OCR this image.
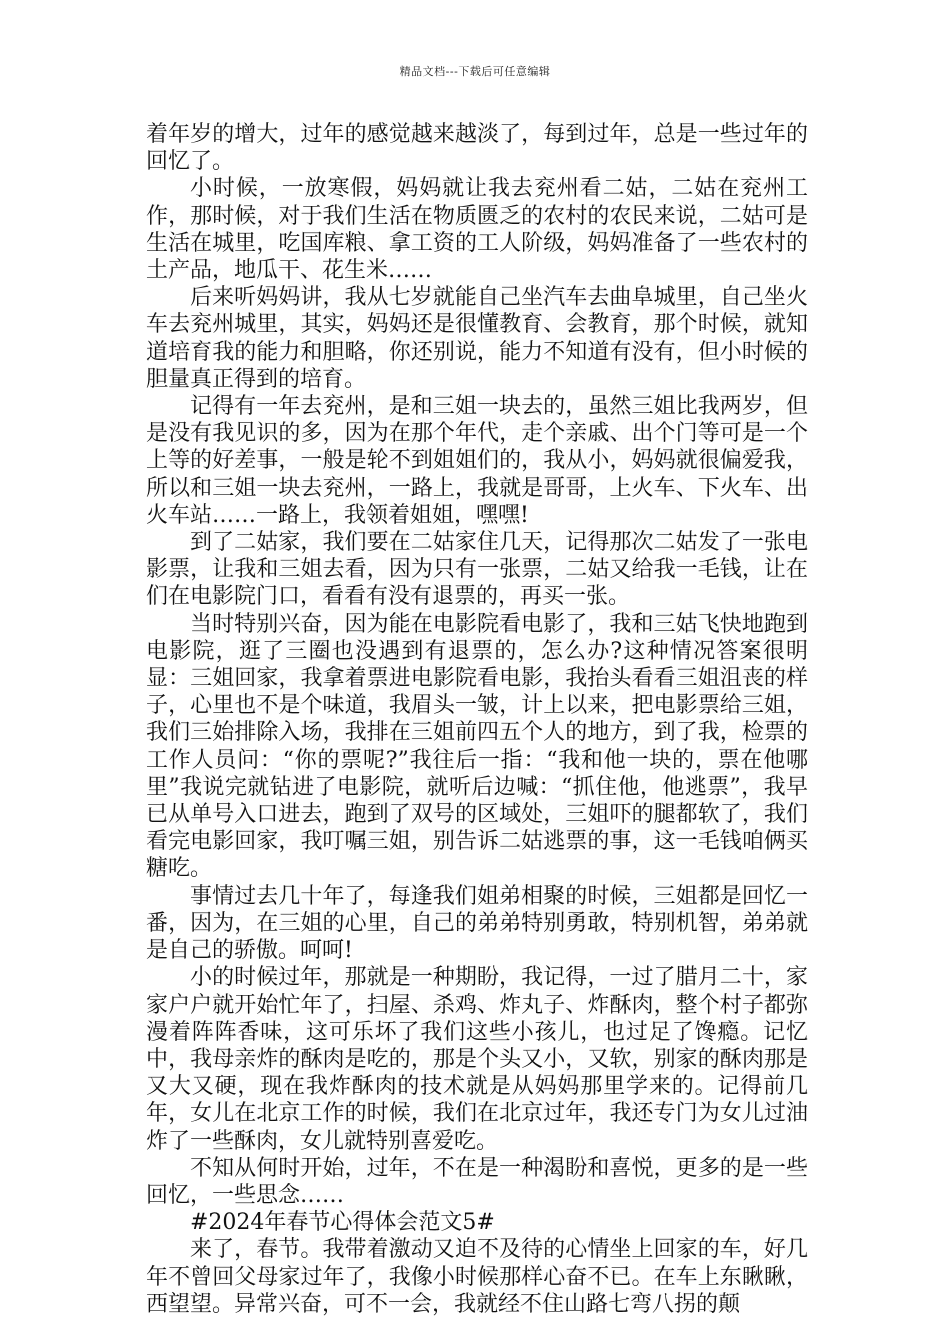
精品文档---下载后可任意编辑

着年岁的增大，过年的感觉越来越淡了，每到过年，总是一些过年的回忆了。

小时候，一放寒假，妈妈就让我去兖州看二姑，二姑在兖州工作，那时候，对于我们生活在物质匮乏的农村的农民来说，二姑可是生活在城里，吃国库粮、拿工资的工人阶级，妈妈准备了一些农村的土产品，地瓜干、花生米……

后来听妈妈讲，我从七岁就能自己坐汽车去曲阜城里，自己坐火车去兖州城里，其实，妈妈还是很懂教育、会教育，那个时候，就知道培育我的能力和胆略，你还别说，能力不知道有没有，但小时候的胆量真正得到的培育。

记得有一年去兖州，是和三姐一块去的，虽然三姐比我两岁，但是没有我见识的多，因为在那个年代，走个亲戚、出个门等可是一个上等的好差事，一般是轮不到姐姐们的，我从小，妈妈就很偏爱我，所以和三姐一块去兖州，一路上，我就是哥哥，上火车、下火车、出火车站……一路上，我领着姐姐，嘿嘿!

到了二姑家，我们要在二姑家住几天，记得那次二姑发了一张电影票，让我和三姐去看，因为只有一张票，二姑又给我一毛钱，让在们在电影院门口，看看有没有退票的，再买一张。

当时特别兴奋，因为能在电影院看电影了，我和三姑飞快地跑到电影院，逛了三圈也没遇到有退票的，怎么办?这种情况答案很明显：三姐回家，我拿着票进电影院看电影，我抬头看看三姐沮丧的样子，心里也不是个味道，我眉头一皱，计上以来，把电影票给三姐，我们三始排除入场，我排在三姐前四五个人的地方，到了我，检票的工作人员问：“你的票呢?”我往后一指：“我和他一块的，票在他哪里”我说完就钻进了电影院，就听后边喊：“抓住他，他逃票”，我早已从单号入口进去，跑到了双号的区域处，三姐吓的腿都软了，我们看完电影回家，我叮嘱三姐，别告诉二姑逃票的事，这一毛钱咱俩买糖吃。

事情过去几十年了，每逢我们姐弟相聚的时候，三姐都是回忆一番，因为，在三姐的心里，自己的弟弟特别勇敢，特别机智，弟弟就是自己的骄傲。呵呵!

小的时候过年，那就是一种期盼，我记得，一过了腊月二十，家家户户就开始忙年了，扫屋、杀鸡、炸丸子、炸酥肉，整个村子都弥漫着阵阵香味，这可乐坏了我们这些小孩儿，也过足了馋瘾。记忆中，我母亲炸的酥肉是吃的，那是个头又小，又软，别家的酥肉那是又大又硬，现在我炸酥肉的技术就是从妈妈那里学来的。记得前几年，女儿在北京工作的时候，我们在北京过年，我还专门为女儿过油炸了一些酥肉，女儿就特别喜爱吃。

不知从何时开始，过年，不在是一种渴盼和喜悦，更多的是一些回忆，一些思念……

#2024年春节心得体会范文5#

来了，春节。我带着激动又迫不及待的心情坐上回家的车，好几年不曾回父母家过年了，我像小时候那样心奋不已。在车上东瞅瞅，西望望。异常兴奋，可不一会，我就经不住山路七弯八拐的颠
